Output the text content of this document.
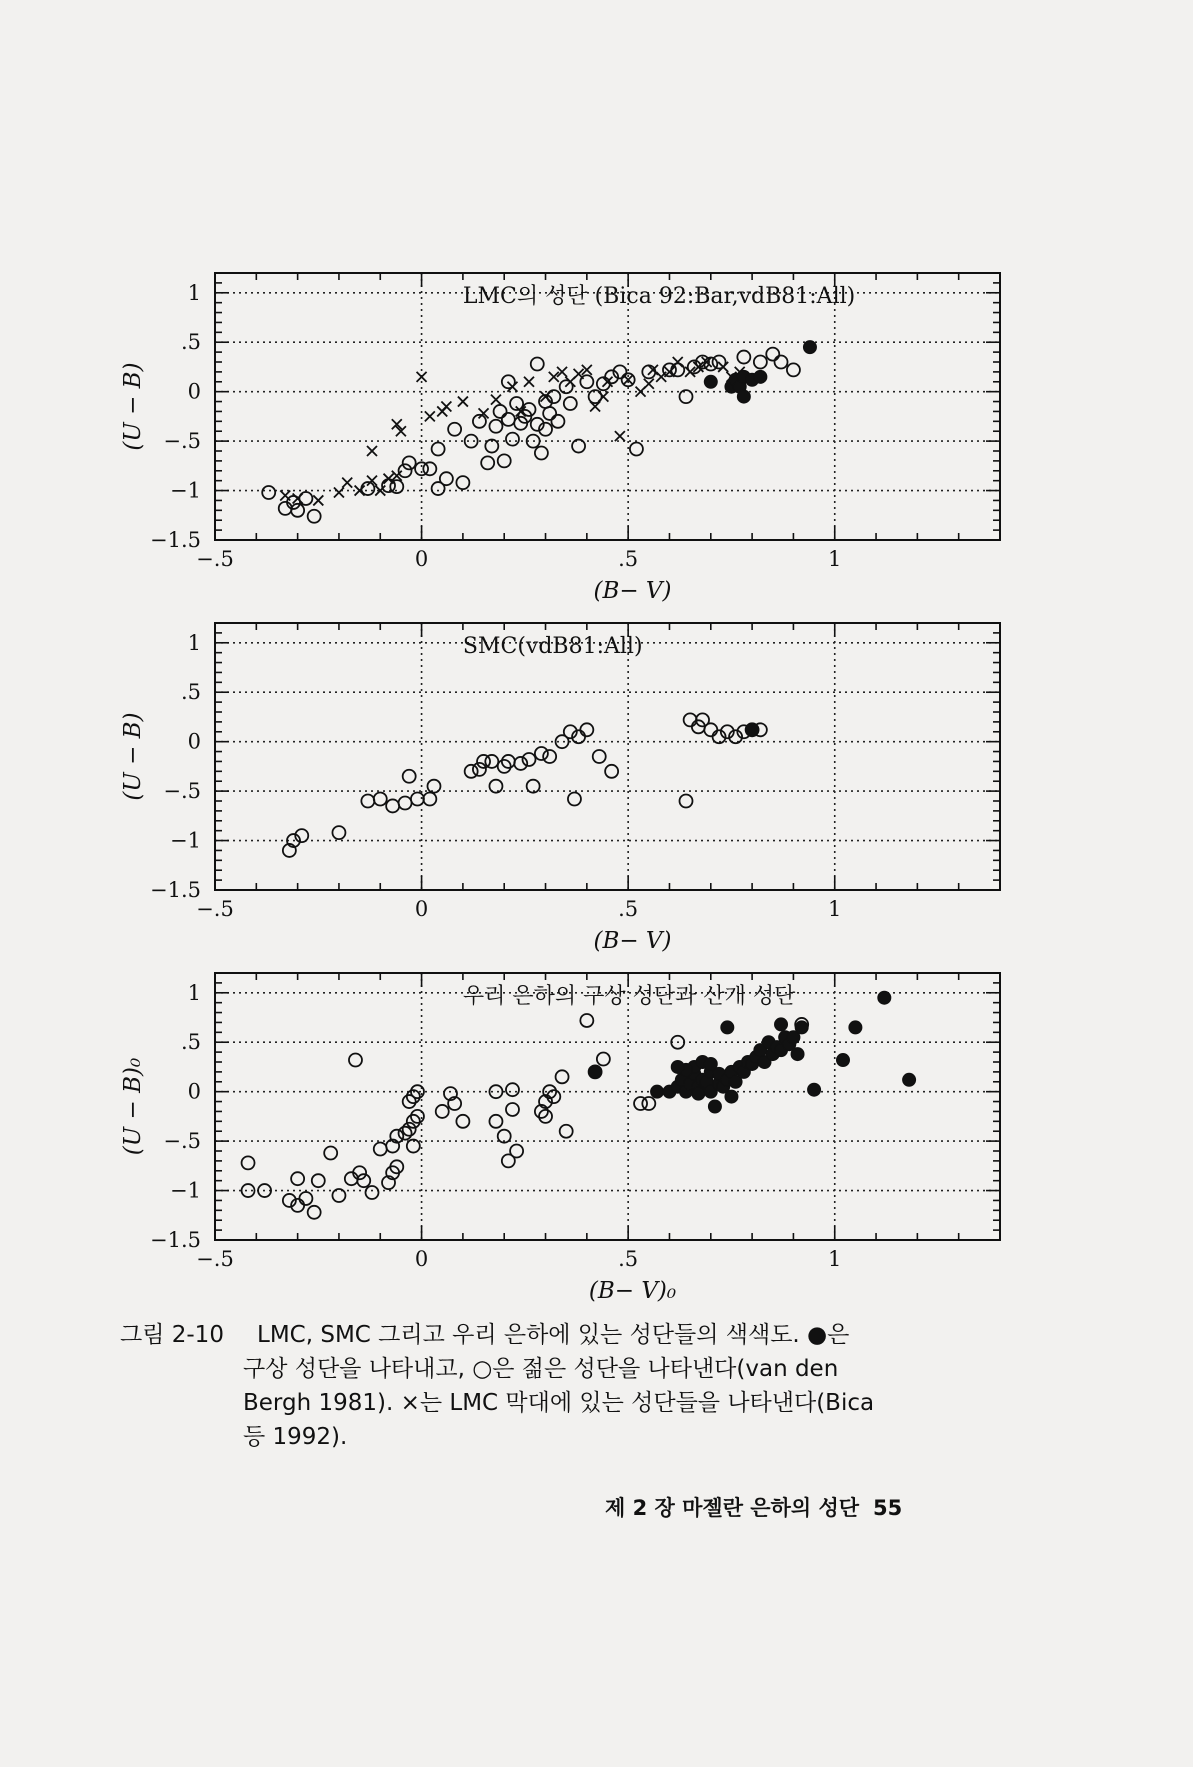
−.5	0	.5	1
−1.5
−1
−.5
0
.5
1
(B− V)
(U − B)
LMC의 성단 (Bica 92:Bar,vdB81:All)
−.5	0	.5	1
−1.5
−1
−.5
0
.5
1
(B− V)
(U − B)
SMC(vdB81:All)
−.5	0	.5	1
−1.5
−1
−.5
0
.5
1
(B− V)₀
(U − B)₀
우리 은하의 구상 성단과 산개 성단
그림 2-10 LMC, SMC 그리고 우리 은하에 있는 성단들의 색색도. ●은
구상 성단을 나타내고, ○은 젊은 성단을 나타낸다(van den
Bergh 1981). ×는 LMC 막대에 있는 성단들을 나타낸다(Bica
등 1992).
제 2 장 마젤란 은하의 성단 55
